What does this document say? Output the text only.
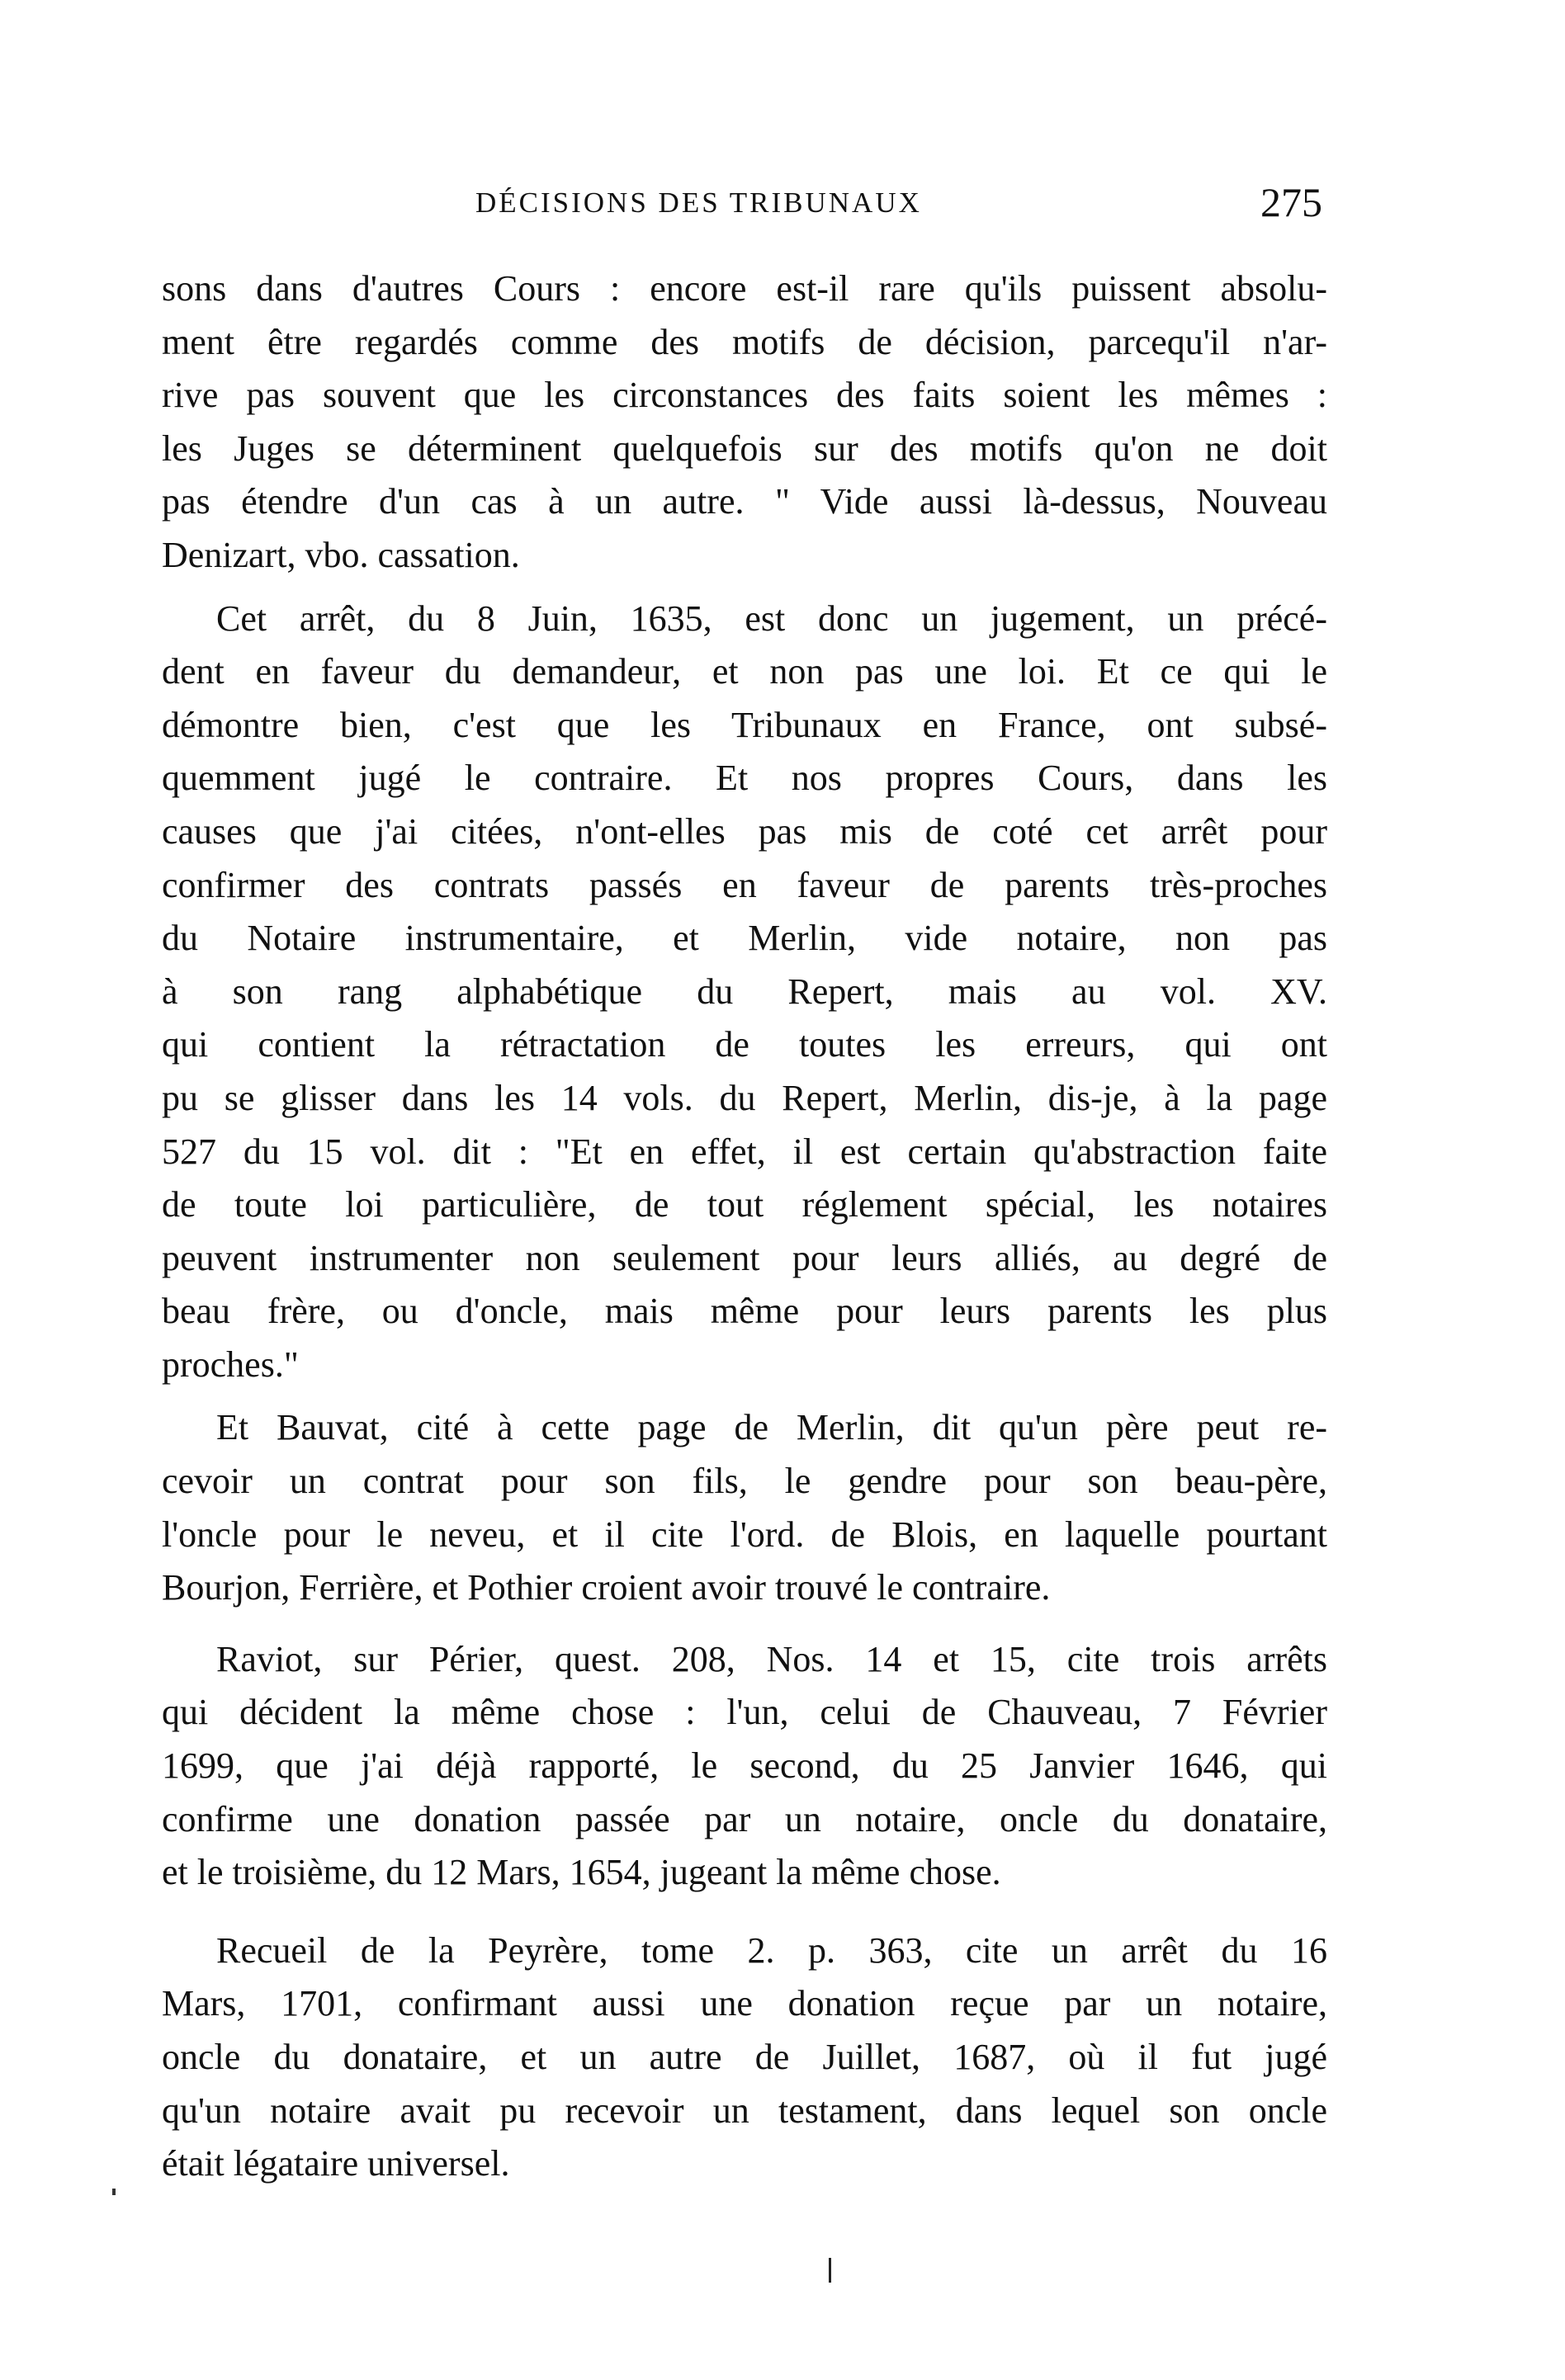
DÉCISIONS DES TRIBUNAUX	275

sons dans d'autres Cours : encore est-il rare qu'ils puissent absolu-

ment être regardés comme des motifs de décision, parcequ'il n'ar-

rive pas souvent que les circonstances des faits soient les mêmes :

les Juges se déterminent quelquefois sur des motifs qu'on ne doit

pas étendre d'un cas à un autre. " Vide aussi là-dessus, Nouveau

Denizart, vbo. cassation.

Cet arrêt, du 8 Juin, 1635, est donc un jugement, un précé-

dent en faveur du demandeur, et non pas une loi. Et ce qui le

démontre bien, c'est que les Tribunaux en France, ont subsé-

quemment jugé le contraire. Et nos propres Cours, dans les

causes que j'ai citées, n'ont-elles pas mis de coté cet arrêt pour

confirmer des contrats passés en faveur de parents très-proches

du Notaire instrumentaire, et Merlin, vide notaire, non pas

à son rang alphabétique du Repert, mais au vol. XV.

qui contient la rétractation de toutes les erreurs, qui ont

pu se glisser dans les 14 vols. du Repert, Merlin, dis-je, à la page

527 du 15 vol. dit : "Et en effet, il est certain qu'abstraction faite

de toute loi particulière, de tout réglement spécial, les notaires

peuvent instrumenter non seulement pour leurs alliés, au degré de

beau frère, ou d'oncle, mais même pour leurs parents les plus

proches."

Et Bauvat, cité à cette page de Merlin, dit qu'un père peut re-

cevoir un contrat pour son fils, le gendre pour son beau-père,

l'oncle pour le neveu, et il cite l'ord. de Blois, en laquelle pourtant

Bourjon, Ferrière, et Pothier croient avoir trouvé le contraire.

Raviot, sur Périer, quest. 208, Nos. 14 et 15, cite trois arrêts

qui décident la même chose : l'un, celui de Chauveau, 7 Février

1699, que j'ai déjà rapporté, le second, du 25 Janvier 1646, qui

confirme une donation passée par un notaire, oncle du donataire,

et le troisième, du 12 Mars, 1654, jugeant la même chose.

Recueil de la Peyrère, tome 2. p. 363, cite un arrêt du 16

Mars, 1701, confirmant aussi une donation reçue par un notaire,

oncle du donataire, et un autre de Juillet, 1687, où il fut jugé

qu'un notaire avait pu recevoir un testament, dans lequel son oncle

était légataire universel.
